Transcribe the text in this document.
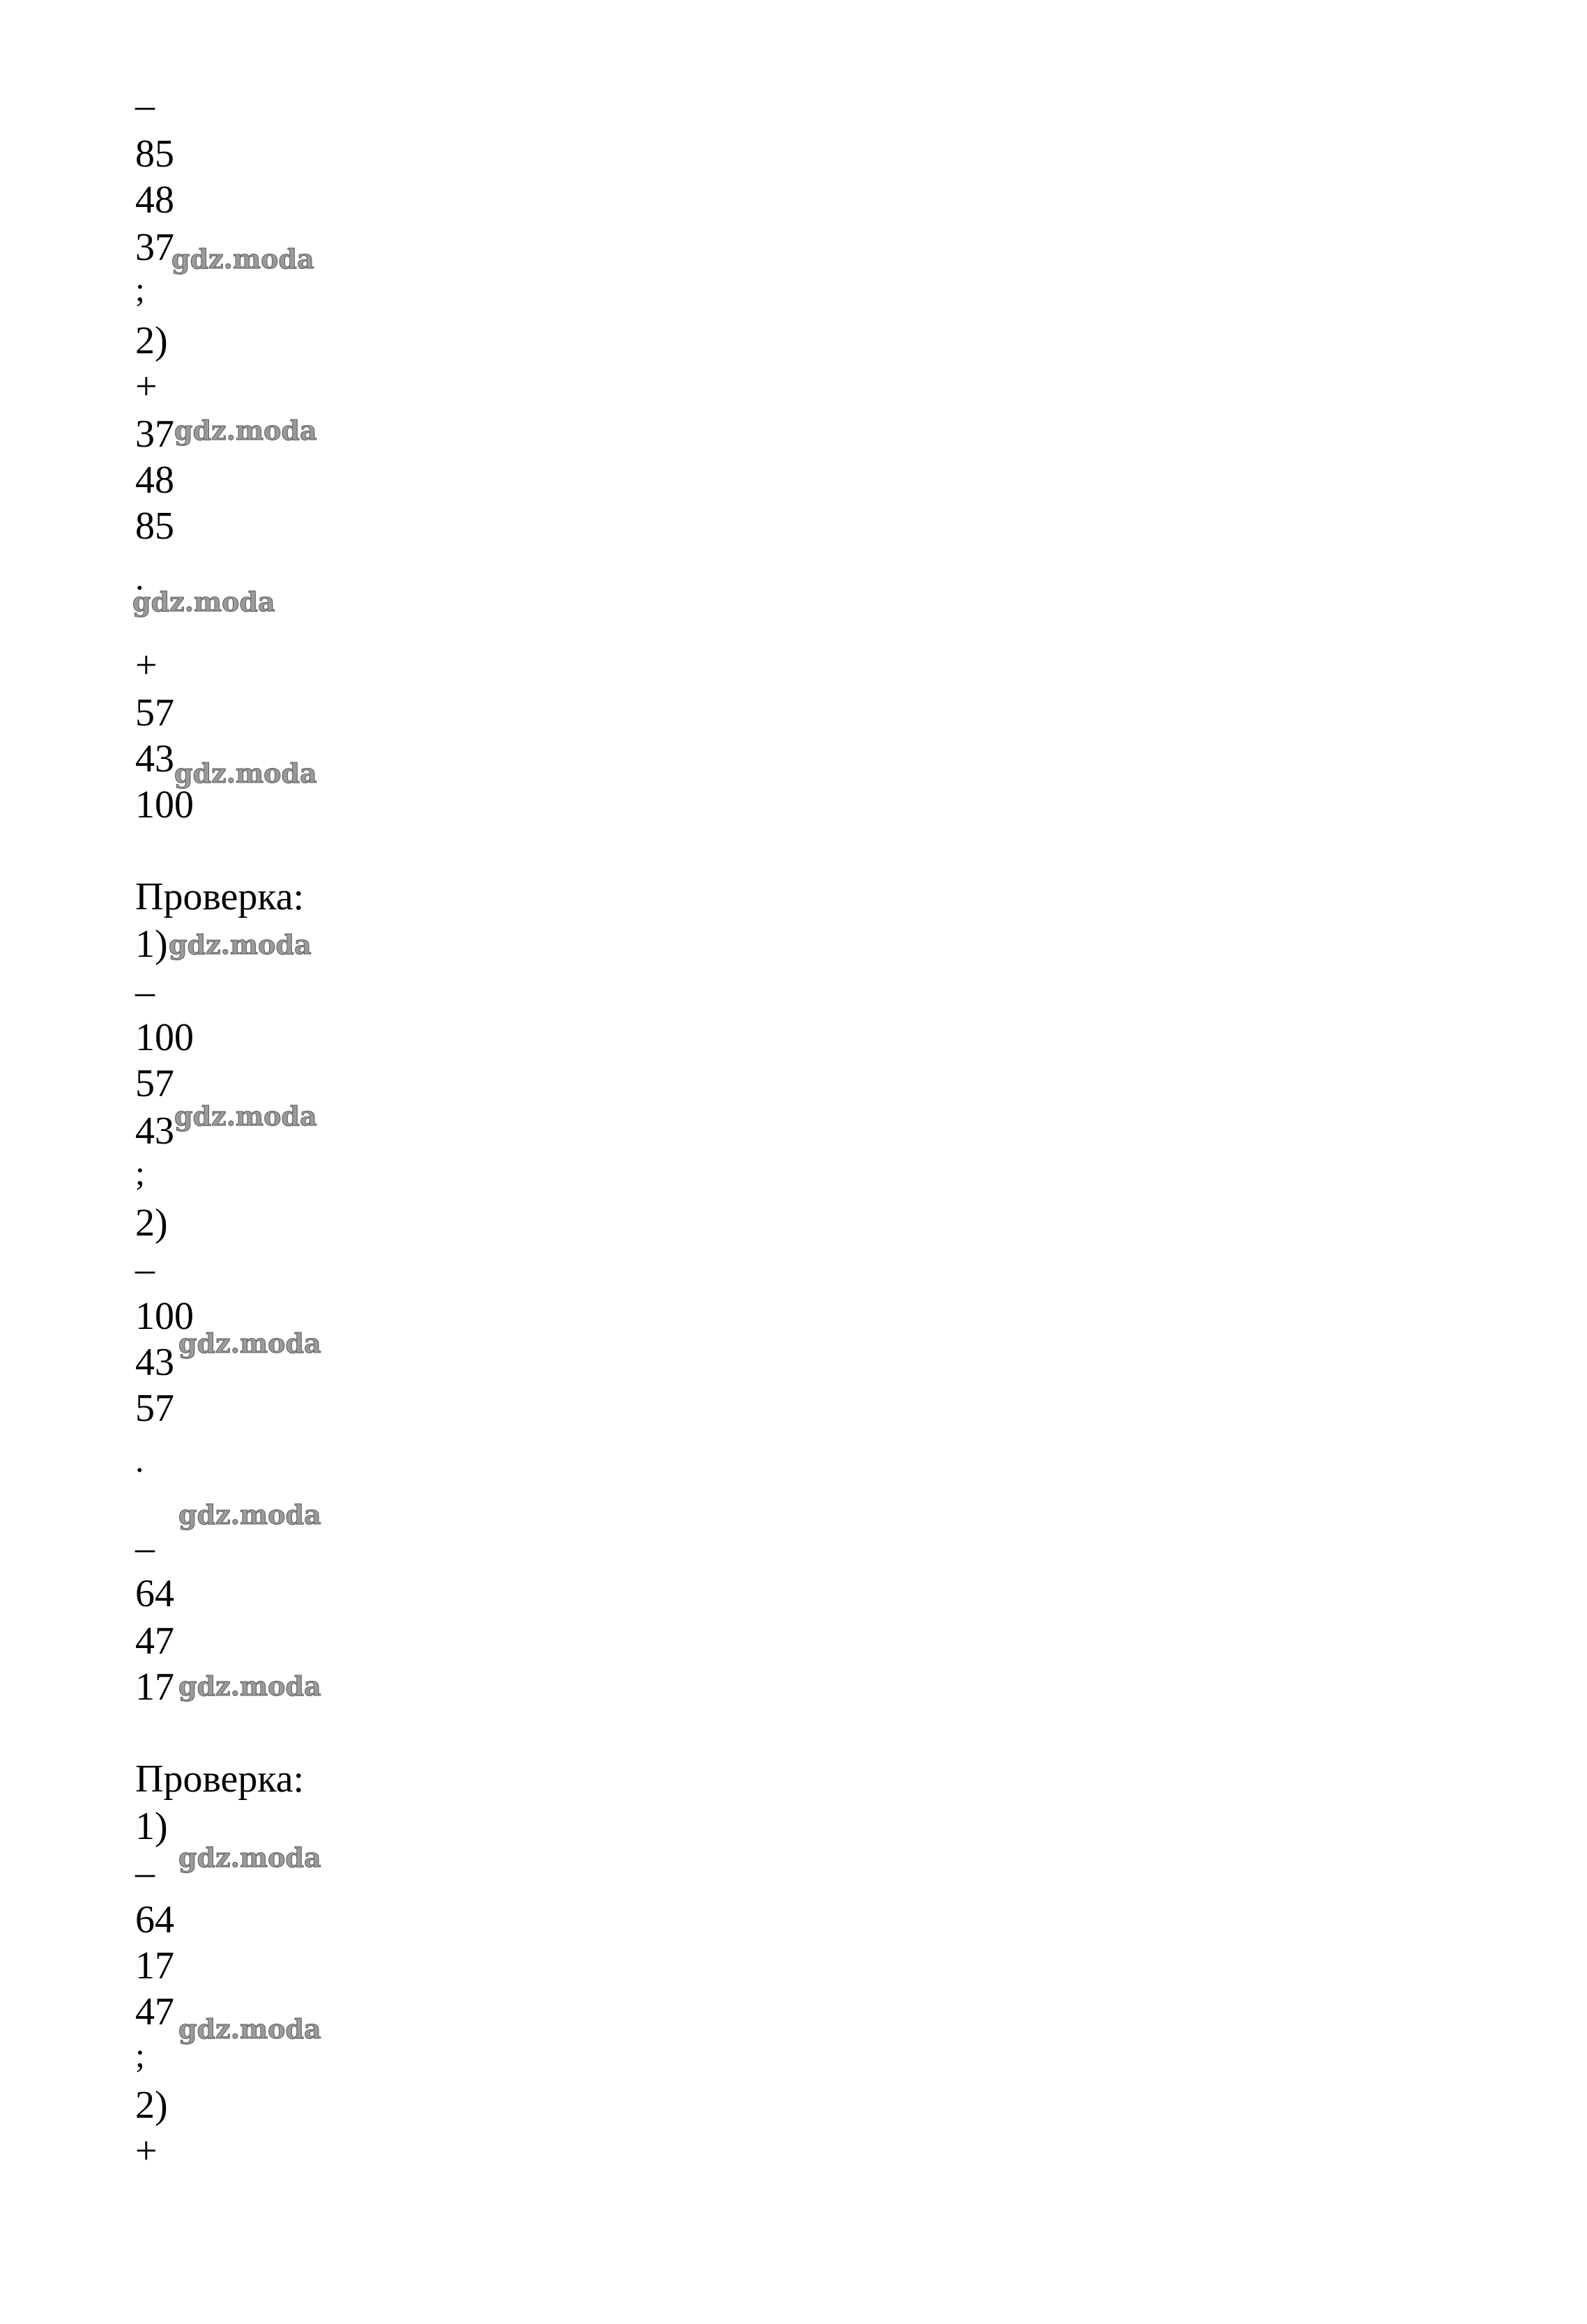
–
85
48
37
;
2)
+
37
48
85
.
+
57
43
100
Проверка:
1)
–
100
57
43
;
2)
–
100
43
57
.
–
64
47
17
Проверка:
1)
–
64
17
47
;
2)
+
gdz.moda
gdz.moda
gdz.moda
gdz.moda
gdz.moda
gdz.moda
gdz.moda
gdz.moda
gdz.moda
gdz.moda
gdz.moda
